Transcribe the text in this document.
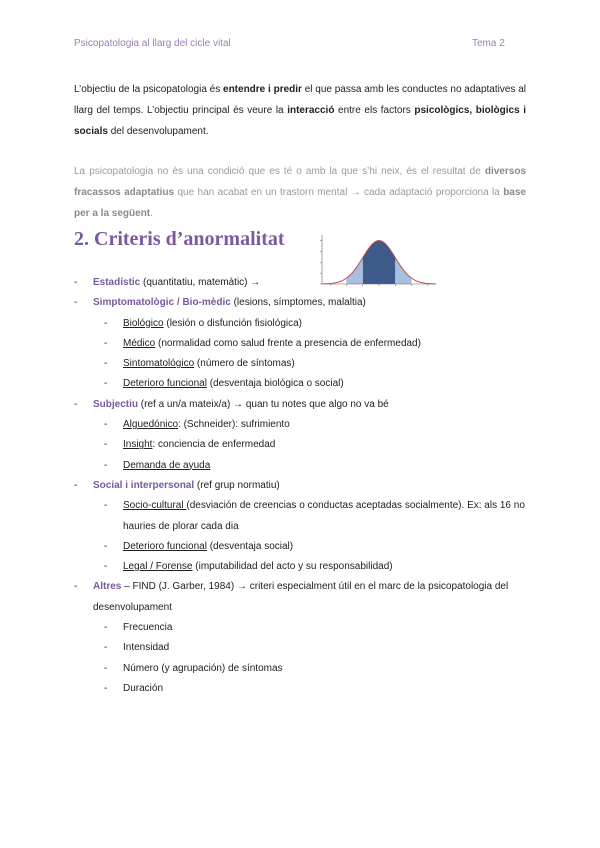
Psicopatologia al llarg del cicle vital	Tema 2

L’objectiu de la psicopatologia és entendre i predir el que passa amb les conductes no adaptatives al llarg del temps. L’objectiu principal és veure la interacció entre els factors psicològics, biològics i socials del desenvolupament.

La psicopatologia no és una condició que es té o amb la que s’hi neix, és el resultat de diversos fracassos adaptatius que han acabat en un trastorn mental → cada adaptació proporciona la base per a la següent.

2. Criteris d’anormalitat
- Estadístic (quantitatiu, matemàtic) →
- Simptomatològic / Bio-mèdic (lesions, símptomes, malaltia)
- Biológico (lesión o disfunción fisiológica)
- Médico (normalidad como salud frente a presencia de enfermedad)
- Sintomatológico (número de síntomas)
- Deterioro funcional (desventaja biológica o social)
- Subjectiu (ref a un/a mateix/a) → quan tu notes que algo no va bé
- Alguedónico: (Schneider): sufrimiento
- Insight: conciencia de enfermedad
- Demanda de ayuda
- Social i interpersonal (ref grup normatiu)
- Socio-cultural (desviación de creencias o conductas aceptadas socialmente). Ex: als 16 no
hauries de plorar cada dia
- Deterioro funcional (desventaja social)
- Legal / Forense (imputabilidad del acto y su responsabilidad)
- Altres – FIND (J. Garber, 1984) → criteri especialment útil en el marc de la psicopatologia del
desenvolupament
- Frecuencia
- Intensidad
- Número (y agrupación) de síntomas
- Duración
